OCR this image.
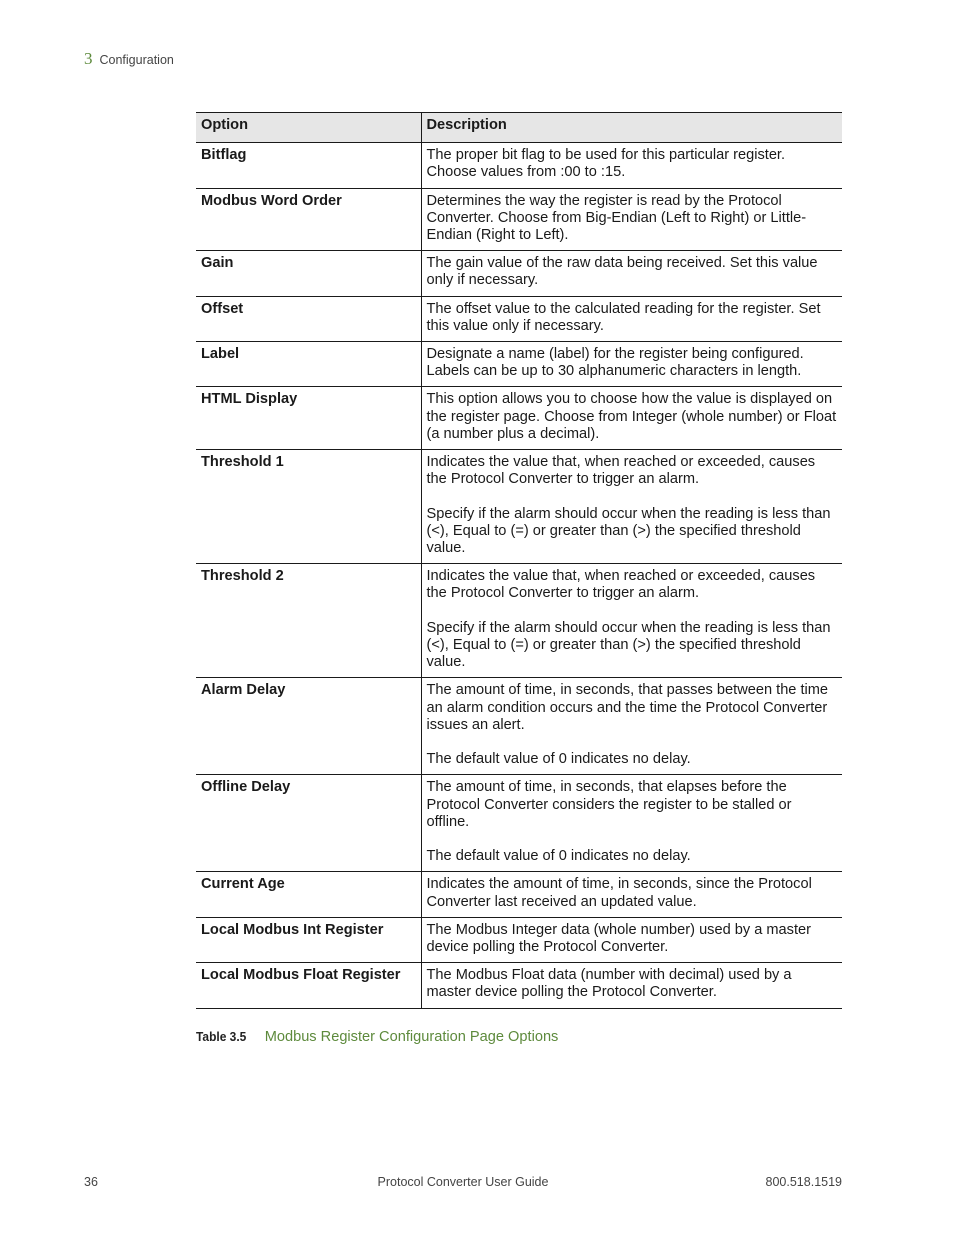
3 Configuration
Option	Description
Bitflag	The proper bit flag to be used for this particular register. Choose values from :00 to :15.

Modbus Word Order	Determines the way the register is read by the Protocol Converter. Choose from Big-Endian (Left to Right) or Little-Endian (Right to Left).

Gain	The gain value of the raw data being received. Set this value only if necessary.

Offset	The offset value to the calculated reading for the register. Set this value only if necessary.

Label	Designate a name (label) for the register being configured. Labels can be up to 30 alphanumeric characters in length.

HTML Display	This option allows you to choose how the value is displayed on the register page. Choose from Integer (whole number) or Float (a number plus a decimal).

Threshold 1	Indicates the value that, when reached or exceeded, causes the Protocol Converter to trigger an alarm.

Specify if the alarm should occur when the reading is less than (<), Equal to (=) or greater than (>) the specified threshold value.

Threshold 2	Indicates the value that, when reached or exceeded, causes the Protocol Converter to trigger an alarm.

Specify if the alarm should occur when the reading is less than (<), Equal to (=) or greater than (>) the specified threshold value.

Alarm Delay	The amount of time, in seconds, that passes between the time an alarm condition occurs and the time the Protocol Converter issues an alert.

The default value of 0 indicates no delay.

Offline Delay	The amount of time, in seconds, that elapses before the Protocol Converter considers the register to be stalled or offline.

The default value of 0 indicates no delay.

Current Age	Indicates the amount of time, in seconds, since the Protocol Converter last received an updated value.

Local Modbus Int Register	The Modbus Integer data (whole number) used by a master device polling the Protocol Converter.

Local Modbus Float Register	The Modbus Float data (number with decimal) used by a master device polling the Protocol Converter.

Table 3.5 Modbus Register Configuration Page Options
36	Protocol Converter User Guide	800.518.1519
